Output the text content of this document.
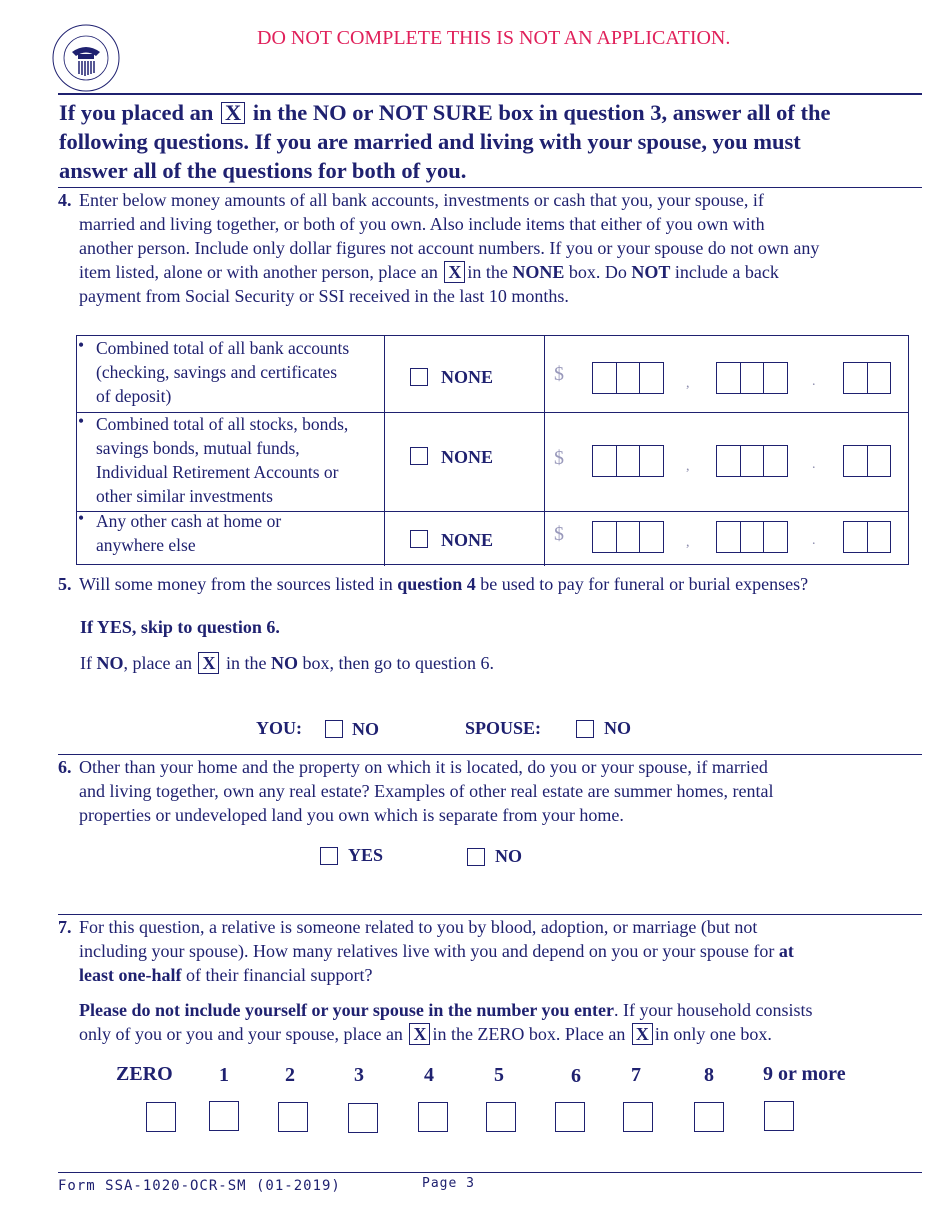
DO NOT COMPLETE THIS IS NOT AN APPLICATION.
If you placed an X in the NO or NOT SURE box in question 3, answer all of the
following questions. If you are married and living with your spouse, you must
answer all of the questions for both of you.
4. Enter below money amounts of all bank accounts, investments or cash that you, your spouse, if
married and living together, or both of you own. Also include items that either of you own with
another person. Include only dollar figures not account numbers. If you or your spouse do not own any
item listed, alone or with another person, place an X in the NONE box. Do NOT include a back
payment from Social Security or SSI received in the last 10 months.
• Combined total of all bank accounts
(checking, savings and certificates
of deposit)
NONE	$	,	.
• Combined total of all stocks, bonds,
savings bonds, mutual funds,
Individual Retirement Accounts or
other similar investments
NONE	$	,	.
• Any other cash at home or
anywhere else	NONE	$	,	.
5. Will some money from the sources listed in question 4 be used to pay for funeral or burial expenses?
If YES, skip to question 6.
If NO, place an X in the NO box, then go to question 6.
YOU:	NO	SPOUSE:	NO
6. Other than your home and the property on which it is located, do you or your spouse, if married
and living together, own any real estate? Examples of other real estate are summer homes, rental
properties or undeveloped land you own which is separate from your home.
YES	NO
7. For this question, a relative is someone related to you by blood, adoption, or marriage (but not
including your spouse). How many relatives live with you and depend on you or your spouse for at
least one-half of their financial support?
Please do not include yourself or your spouse in the number you enter. If your household consists
only of you or you and your spouse, place an X in the ZERO box. Place an X in only one box.
ZERO 1	2	3	4	5	6	7	8 9 or more
Form SSA-1020-OCR-SM (01-2019)	Page 3
